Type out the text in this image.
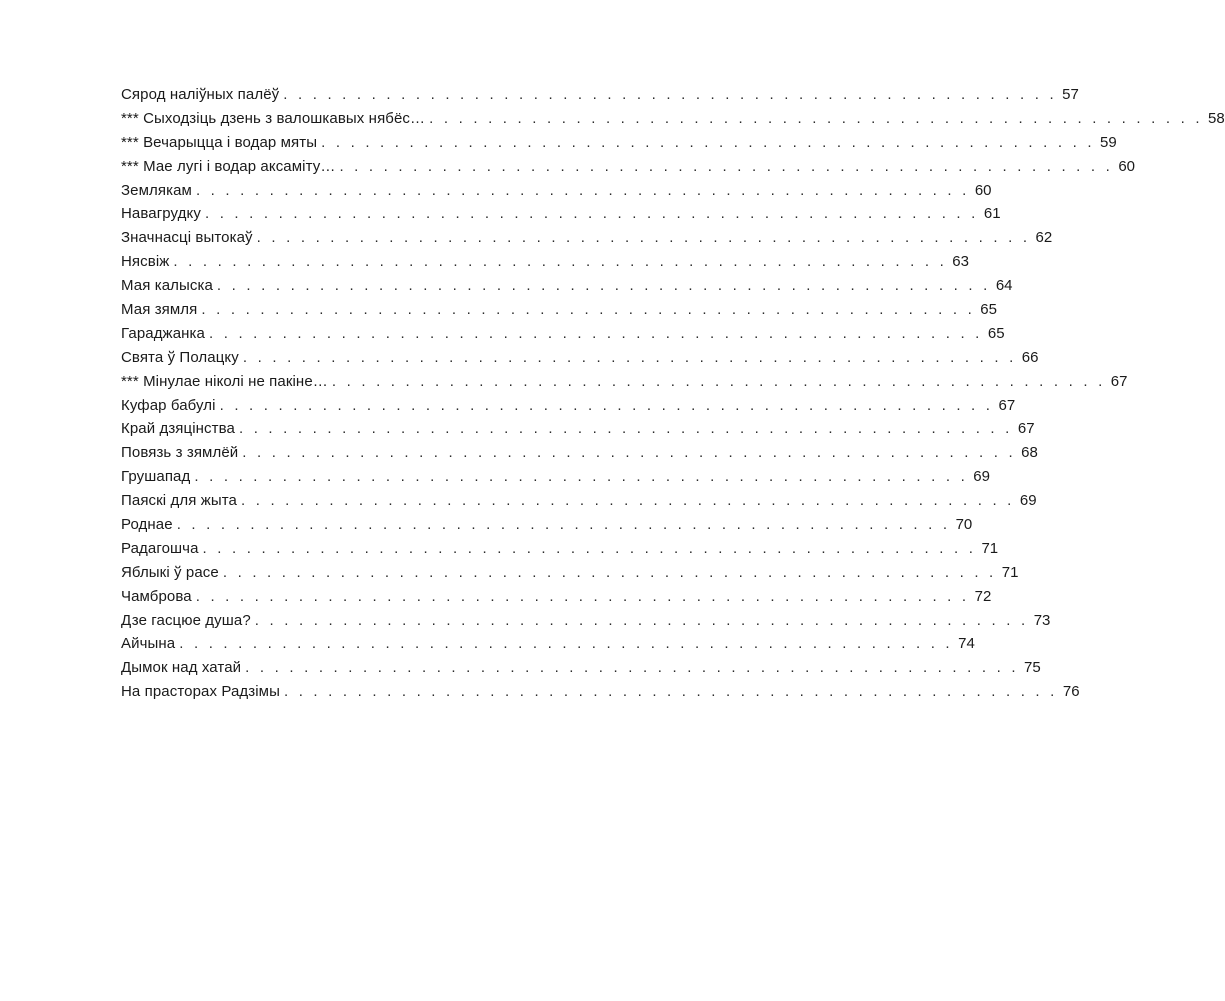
Сярод налiўных палёў . . . . . . . . . . . . . . . . . . . . . . . . . . . . . . . . . . . . . . . . . . . . . . . . . . . . . 57
*** Сыходзiць дзень з валошкавых нябёс… . . . . . . . . . . . . . . . . . . . . . . . . . . . . . . . . . . . . . . . . . . . . . . . . . . . . . 58
*** Вечарыцца i водар мяты . . . . . . . . . . . . . . . . . . . . . . . . . . . . . . . . . . . . . . . . . . . . . . . . . . . . . 59
*** Мае лугi i водар аксамiту… . . . . . . . . . . . . . . . . . . . . . . . . . . . . . . . . . . . . . . . . . . . . . . . . . . . . . 60
Землякам . . . . . . . . . . . . . . . . . . . . . . . . . . . . . . . . . . . . . . . . . . . . . . . . . . . . . 60
Навагрудку . . . . . . . . . . . . . . . . . . . . . . . . . . . . . . . . . . . . . . . . . . . . . . . . . . . . . 61
Значнасцi вытокаў . . . . . . . . . . . . . . . . . . . . . . . . . . . . . . . . . . . . . . . . . . . . . . . . . . . . . 62
Нясвiж . . . . . . . . . . . . . . . . . . . . . . . . . . . . . . . . . . . . . . . . . . . . . . . . . . . . . 63
Мая калыска . . . . . . . . . . . . . . . . . . . . . . . . . . . . . . . . . . . . . . . . . . . . . . . . . . . . . 64
Мая зямля . . . . . . . . . . . . . . . . . . . . . . . . . . . . . . . . . . . . . . . . . . . . . . . . . . . . . 65
Гараджанка . . . . . . . . . . . . . . . . . . . . . . . . . . . . . . . . . . . . . . . . . . . . . . . . . . . . . 65
Свята ў Полацку . . . . . . . . . . . . . . . . . . . . . . . . . . . . . . . . . . . . . . . . . . . . . . . . . . . . . 66
*** Мiнулае нiколi не пакiне… . . . . . . . . . . . . . . . . . . . . . . . . . . . . . . . . . . . . . . . . . . . . . . . . . . . . . 67
Куфар бабулi . . . . . . . . . . . . . . . . . . . . . . . . . . . . . . . . . . . . . . . . . . . . . . . . . . . . . 67
Край дзяцiнства . . . . . . . . . . . . . . . . . . . . . . . . . . . . . . . . . . . . . . . . . . . . . . . . . . . . . 67
Повязь з зямлёй . . . . . . . . . . . . . . . . . . . . . . . . . . . . . . . . . . . . . . . . . . . . . . . . . . . . . 68
Грушапад . . . . . . . . . . . . . . . . . . . . . . . . . . . . . . . . . . . . . . . . . . . . . . . . . . . . . 69
Паяскi для жыта . . . . . . . . . . . . . . . . . . . . . . . . . . . . . . . . . . . . . . . . . . . . . . . . . . . . . 69
Роднае . . . . . . . . . . . . . . . . . . . . . . . . . . . . . . . . . . . . . . . . . . . . . . . . . . . . . 70
Радагошча . . . . . . . . . . . . . . . . . . . . . . . . . . . . . . . . . . . . . . . . . . . . . . . . . . . . . 71
Яблыкi ў расе . . . . . . . . . . . . . . . . . . . . . . . . . . . . . . . . . . . . . . . . . . . . . . . . . . . . . 71
Чамброва . . . . . . . . . . . . . . . . . . . . . . . . . . . . . . . . . . . . . . . . . . . . . . . . . . . . . 72
Дзе гасцюе душа? . . . . . . . . . . . . . . . . . . . . . . . . . . . . . . . . . . . . . . . . . . . . . . . . . . . . . 73
Айчына . . . . . . . . . . . . . . . . . . . . . . . . . . . . . . . . . . . . . . . . . . . . . . . . . . . . . 74
Дымок над хатай . . . . . . . . . . . . . . . . . . . . . . . . . . . . . . . . . . . . . . . . . . . . . . . . . . . . . 75
На прасторах Радзiмы . . . . . . . . . . . . . . . . . . . . . . . . . . . . . . . . . . . . . . . . . . . . . . . . . . . . . 76
